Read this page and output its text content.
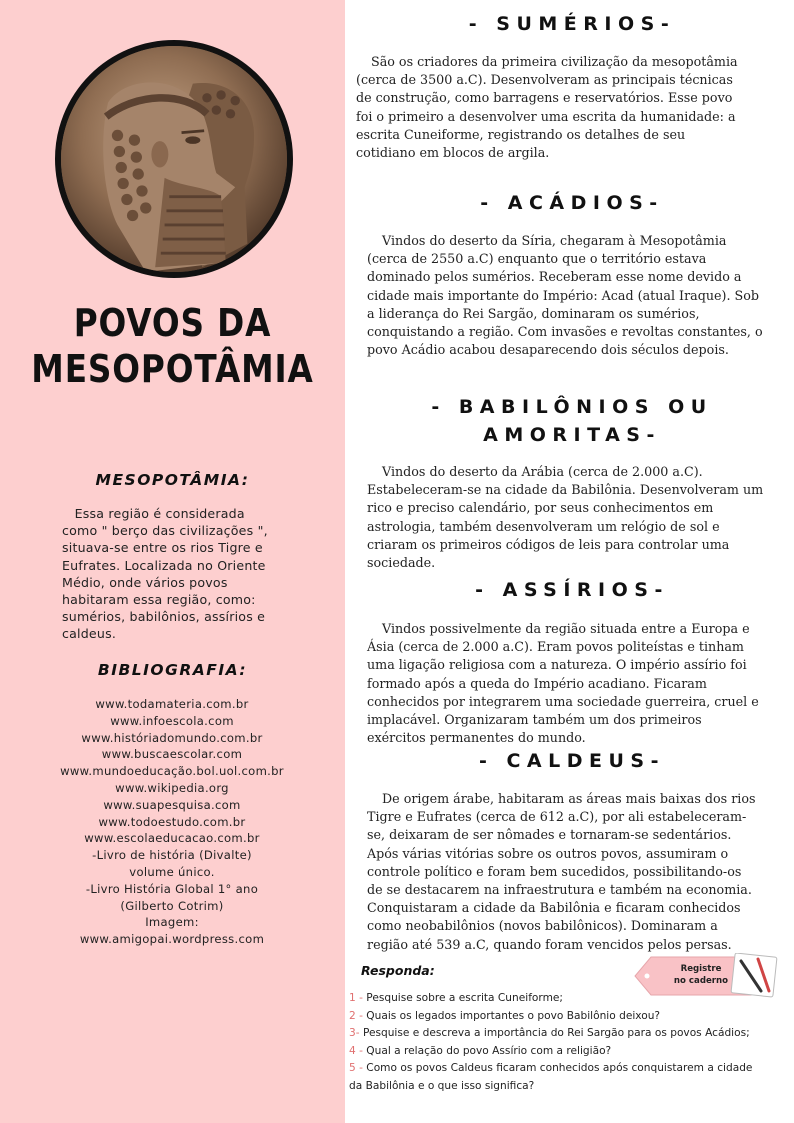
POVOS DA
MESOPOTÂMIA
MESOPOTÂMIA:
Essa região é considerada como " berço das civilizações ", situava-se entre os rios Tigre e Eufrates. Localizada no Oriente Médio, onde vários povos habitaram essa região, como: sumérios, babilônios, assírios e caldeus.
BIBLIOGRAFIA:
www.todamateria.com.br
www.infoescola.com
www.históriadomundo.com.br
www.buscaescolar.com
www.mundoeducação.bol.uol.com.br
www.wikipedia.org
www.suapesquisa.com
www.todoestudo.com.br
www.escolaeducacao.com.br
-Livro de história (Divalte) volume único.
-Livro História Global 1° ano (Gilberto Cotrim)
Imagem:
www.amigopai.wordpress.com
- SUMÉRIOS-
São os criadores da primeira civilização da mesopotâmia (cerca de 3500 a.C). Desenvolveram as principais técnicas de construção, como barragens e reservatórios. Esse povo foi o primeiro a desenvolver uma escrita da humanidade: a escrita Cuneiforme, registrando os detalhes de seu cotidiano em blocos de argila.
- ACÁDIOS-
Vindos do deserto da Síria, chegaram à Mesopotâmia (cerca de 2550 a.C) enquanto que o território estava dominado pelos sumérios. Receberam esse nome devido a cidade mais importante do Império: Acad (atual Iraque). Sob a liderança do Rei Sargão, dominaram os sumérios, conquistando a região. Com invasões e revoltas constantes, o povo Acádio acabou desaparecendo dois séculos depois.
- BABILÔNIOS OU
AMORITAS-
Vindos do deserto da Arábia (cerca de 2.000 a.C). Estabeleceram-se na cidade da Babilônia. Desenvolveram um rico e preciso calendário, por seus conhecimentos em astrologia, também desenvolveram um relógio de sol e criaram os primeiros códigos de leis para controlar uma sociedade.
- ASSÍRIOS-
Vindos possivelmente da região situada entre a Europa e Ásia (cerca de 2.000 a.C). Eram povos politeístas e tinham uma ligação religiosa com a natureza. O império assírio foi formado após a queda do Império acadiano. Ficaram conhecidos por integrarem uma sociedade guerreira, cruel e implacável. Organizaram também um dos primeiros exércitos permanentes do mundo.
- CALDEUS-
De origem árabe, habitaram as áreas mais baixas dos rios Tigre e Eufrates (cerca de 612 a.C), por ali estabeleceram-se, deixaram de ser nômades e tornaram-se sedentários. Após várias vitórias sobre os outros povos, assumiram o controle político e foram bem sucedidos, possibilitando-os de se destacarem na infraestrutura e também na economia. Conquistaram a cidade da Babilônia e ficaram conhecidos como neobabilônios (novos babilônicos). Dominaram a região até 539 a.C, quando foram vencidos pelos persas.
Responda:	Registre
no caderno
1 - Pesquise sobre a escrita Cuneiforme;
2 - Quais os legados importantes o povo Babilônio deixou?
3- Pesquise e descreva a importância do Rei Sargão para os povos Acádios;
4 - Qual a relação do povo Assírio com a religião?
5 - Como os povos Caldeus ficaram conhecidos após conquistarem a cidade da Babilônia e o que isso significa?
